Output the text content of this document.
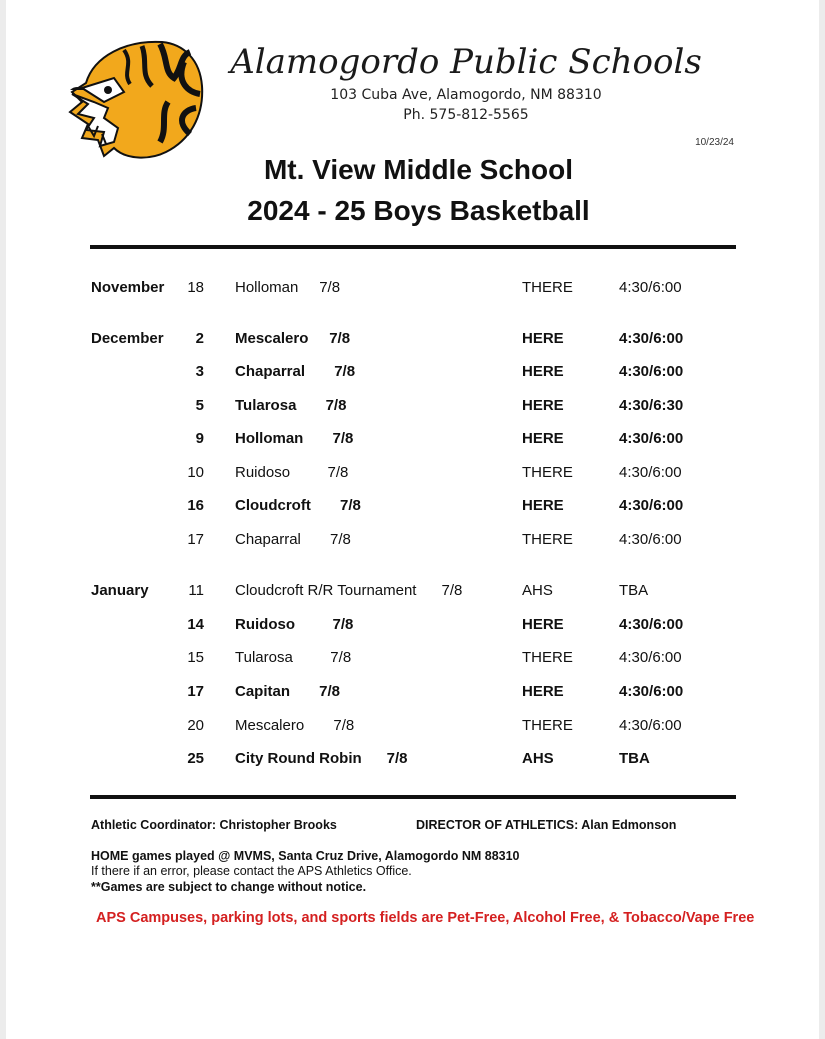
Alamogordo Public Schools
103 Cuba Ave, Alamogordo, NM 88310
Ph. 575-812-5565
10/23/24
Mt. View Middle School
2024 - 25 Boys Basketball
November	18 Holloman     7/8	THERE	4:30/6:00
December	2 Mescalero     7/8	HERE	4:30/6:00
3 Chaparral       7/8	HERE	4:30/6:00
5 Tularosa       7/8	HERE	4:30/6:30
9 Holloman       7/8	HERE	4:30/6:00
10 Ruidoso         7/8	THERE	4:30/6:00
16 Cloudcroft       7/8	HERE	4:30/6:00
17 Chaparral       7/8	THERE	4:30/6:00
January	11 Cloudcroft R/R Tournament      7/8	AHS	TBA
14 Ruidoso         7/8	HERE	4:30/6:00
15 Tularosa         7/8	THERE	4:30/6:00
17 Capitan       7/8	HERE	4:30/6:00
20 Mescalero       7/8	THERE	4:30/6:00
25 City Round Robin      7/8	AHS	TBA
Athletic Coordinator: Christopher Brooks	DIRECTOR OF ATHLETICS: Alan Edmonson
HOME games played @ MVMS, Santa Cruz Drive, Alamogordo NM 88310
If there if an error, please contact the APS Athletics Office.
**Games are subject to change without notice.
APS Campuses, parking lots, and sports fields are Pet-Free, Alcohol Free, & Tobacco/Vape Free
